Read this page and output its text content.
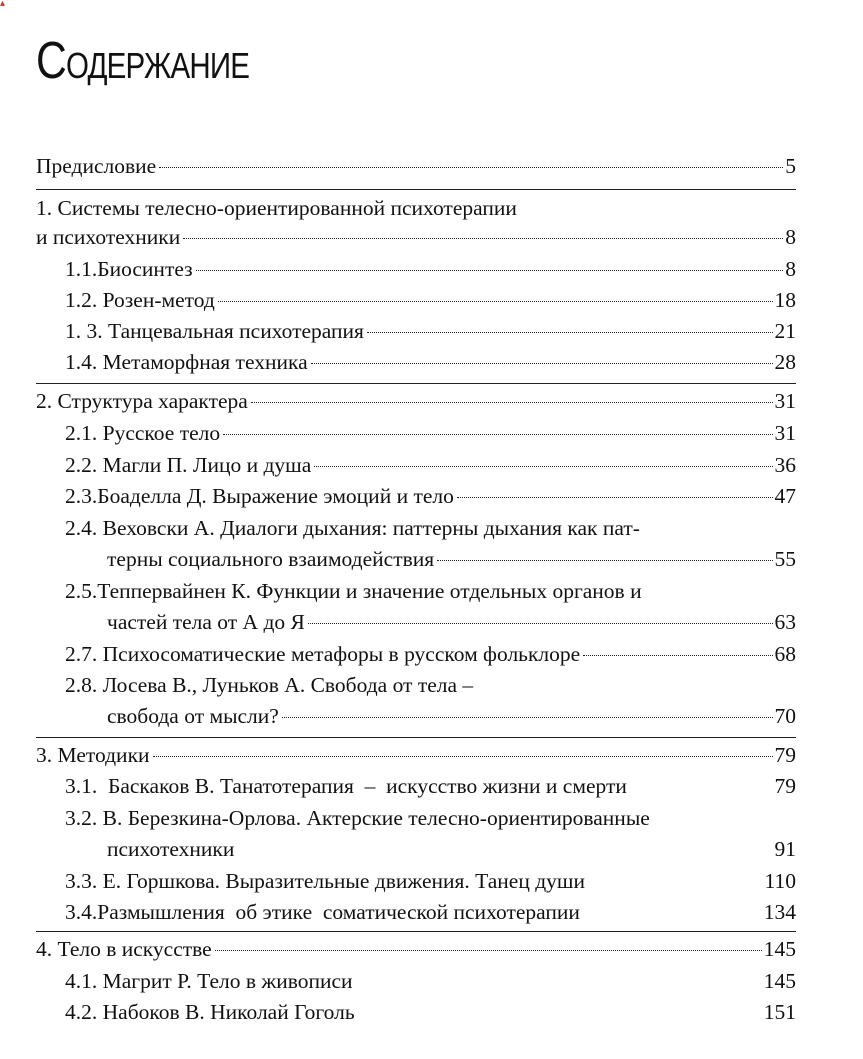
▴
Содержание
Предисловие	5
1. Системы телесно-ориентированной психотерапии
и психотехники	8
1.1.Биосинтез	8
1.2. Розен-метод	18
1. 3. Танцевальная психотерапия	21
1.4. Метаморфная техника	28
2. Структура характера	31
2.1. Русское тело	31
2.2. Магли П. Лицо и душа	36
2.3.Боаделла Д. Выражение эмоций и тело	47
2.4. Веховски А. Диалоги дыхания: паттерны дыхания как пат-
терны социального взаимодействия	55
2.5.Теппервайнен К. Функции и значение отдельных органов и
частей тела от А до Я	63
2.7. Психосоматические метафоры в русском фольклоре	68
2.8. Лосева В., Луньков А. Свобода от тела –
свобода от мысли?	70
3. Методики	79
3.1.  Баскаков В. Танатотерапия  –  искусство жизни и смерти	79
3.2. В. Березкина-Орлова. Актерские телесно-ориентированные
психотехники	91
3.3. Е. Горшкова. Выразительные движения. Танец души	110
3.4.Размышления  об этике  соматической психотерапии	134
4. Тело в искусстве	145
4.1. Магрит Р. Тело в живописи	145
4.2. Набоков В. Николай Гоголь	151
